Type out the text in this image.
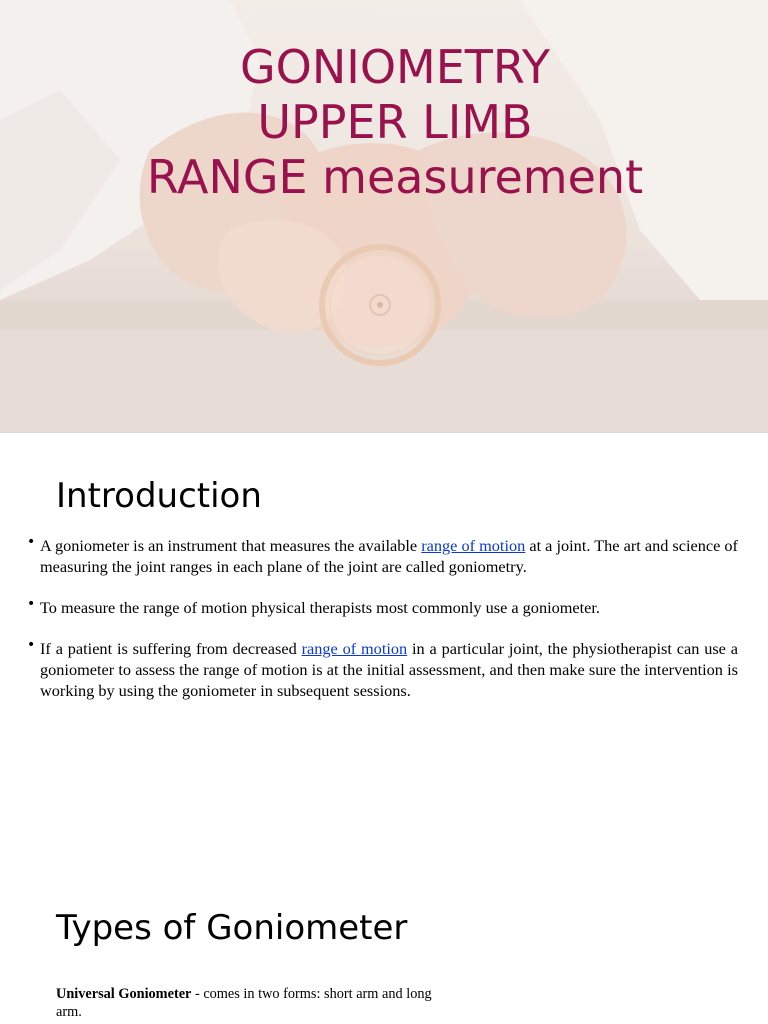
GONIOMETRY
UPPER LIMB
RANGE measurement
Introduction
• A goniometer is an instrument that measures the available range of motion at a joint. The art and science of measuring the joint ranges in each plane of the joint are called goniometry.
• To measure the range of motion physical therapists most commonly use a goniometer.
• If a patient is suffering from decreased range of motion in a particular joint, the physiotherapist can use a goniometer to assess the range of motion is at the initial assessment, and then make sure the intervention is working by using the goniometer in subsequent sessions.
Types of Goniometer
Universal Goniometer - comes in two forms: short arm and long arm.
